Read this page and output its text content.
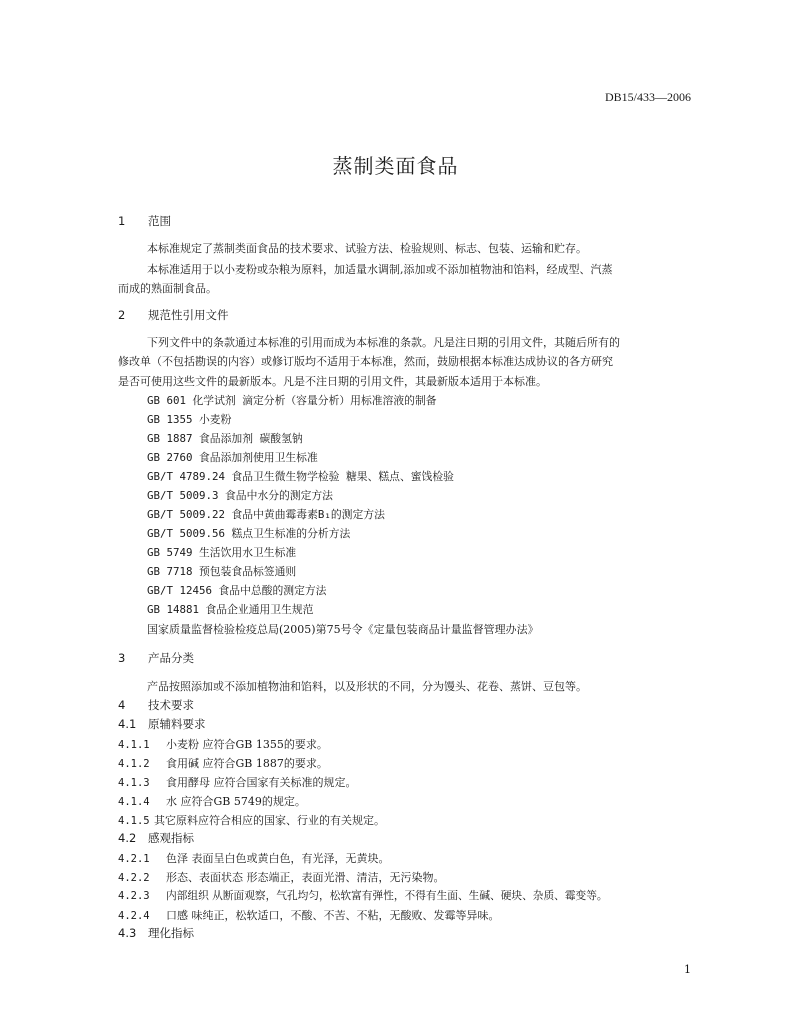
DB15/433—2006
蒸制类面食品
1 范围
本标准规定了蒸制类面食品的技术要求、试验方法、检验规则、标志、包装、运输和贮存。
本标准适用于以小麦粉或杂粮为原料，加适量水调制,添加或不添加植物油和馅料，经成型、汽蒸
而成的熟面制食品。
2 规范性引用文件
下列文件中的条款通过本标准的引用而成为本标准的条款。凡是注日期的引用文件，其随后所有的
修改单（不包括勘误的内容）或修订版均不适用于本标准，然而，鼓励根据本标准达成协议的各方研究
是否可使用这些文件的最新版本。凡是不注日期的引用文件，其最新版本适用于本标准。
GB 601 化学试剂 滴定分析（容量分析）用标准溶液的制备
GB 1355 小麦粉
GB 1887 食品添加剂 碳酸氢钠
GB 2760 食品添加剂使用卫生标准
GB/T 4789.24 食品卫生微生物学检验 糖果、糕点、蜜饯检验
GB/T 5009.3 食品中水分的测定方法
GB/T 5009.22 食品中黄曲霉毒素B₁的测定方法
GB/T 5009.56 糕点卫生标准的分析方法
GB 5749 生活饮用水卫生标准
GB 7718 预包装食品标签通则
GB/T 12456 食品中总酸的测定方法
GB 14881 食品企业通用卫生规范
国家质量监督检验检疫总局(2005)第75号令《定量包装商品计量监督管理办法》
3 产品分类
产品按照添加或不添加植物油和馅料，以及形状的不同，分为馒头、花卷、蒸饼、豆包等。
4 技术要求
4.1 原辅料要求
4.1.1 小麦粉 应符合GB 1355的要求。
4.1.2 食用碱 应符合GB 1887的要求。
4.1.3 食用酵母 应符合国家有关标准的规定。
4.1.4 水 应符合GB 5749的规定。
4.1.5 其它原料应符合相应的国家、行业的有关规定。
4.2 感观指标
4.2.1 色泽 表面呈白色或黄白色，有光泽，无黄块。
4.2.2 形态、表面状态 形态端正，表面光滑、清洁，无污染物。
4.2.3 内部组织 从断面观察，气孔均匀，松软富有弹性，不得有生面、生碱、硬块、杂质、霉变等。
4.2.4 口感 味纯正，松软适口，不酸、不苦、不粘，无酸败、发霉等异味。
4.3 理化指标
1
